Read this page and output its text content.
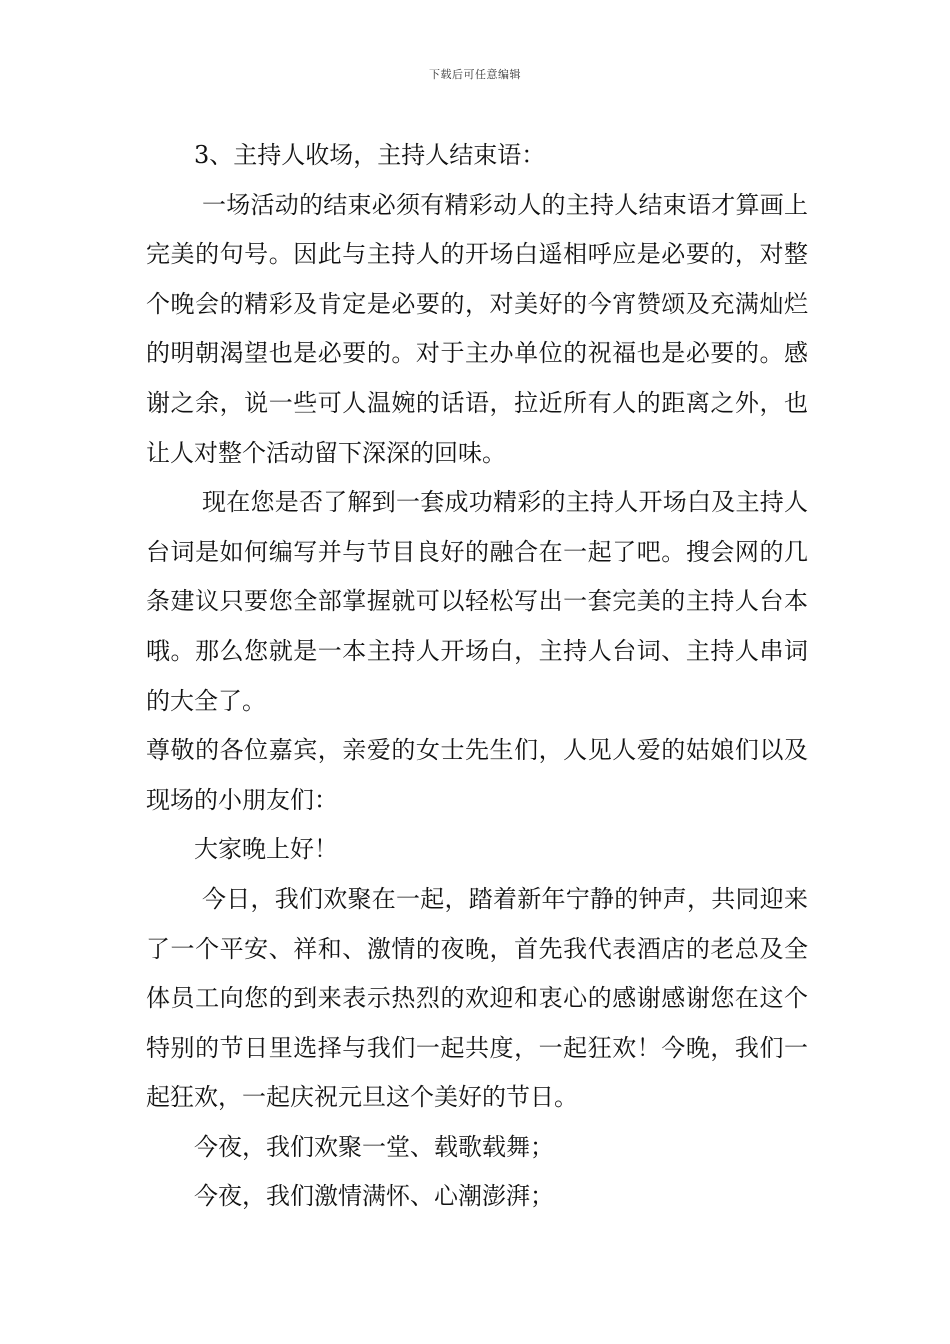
下载后可任意编辑

3、主持人收场，主持人结束语：

一场活动的结束必须有精彩动人的主持人结束语才算画上完美的句号。因此与主持人的开场白遥相呼应是必要的，对整个晚会的精彩及肯定是必要的，对美好的今宵赞颂及充满灿烂的明朝渴望也是必要的。对于主办单位的祝福也是必要的。感谢之余，说一些可人温婉的话语，拉近所有人的距离之外，也让人对整个活动留下深深的回味。

现在您是否了解到一套成功精彩的主持人开场白及主持人台词是如何编写并与节目良好的融合在一起了吧。搜会网的几条建议只要您全部掌握就可以轻松写出一套完美的主持人台本哦。那么您就是一本主持人开场白，主持人台词、主持人串词的大全了。

尊敬的各位嘉宾，亲爱的女士先生们，人见人爱的姑娘们以及现场的小朋友们：

大家晚上好！

今日，我们欢聚在一起，踏着新年宁静的钟声，共同迎来了一个平安、祥和、激情的夜晚，首先我代表酒店的老总及全体员工向您的到来表示热烈的欢迎和衷心的感谢感谢您在这个特别的节日里选择与我们一起共度，一起狂欢！今晚，我们一起狂欢，一起庆祝元旦这个美好的节日。

今夜，我们欢聚一堂、载歌载舞；

今夜，我们激情满怀、心潮澎湃；
